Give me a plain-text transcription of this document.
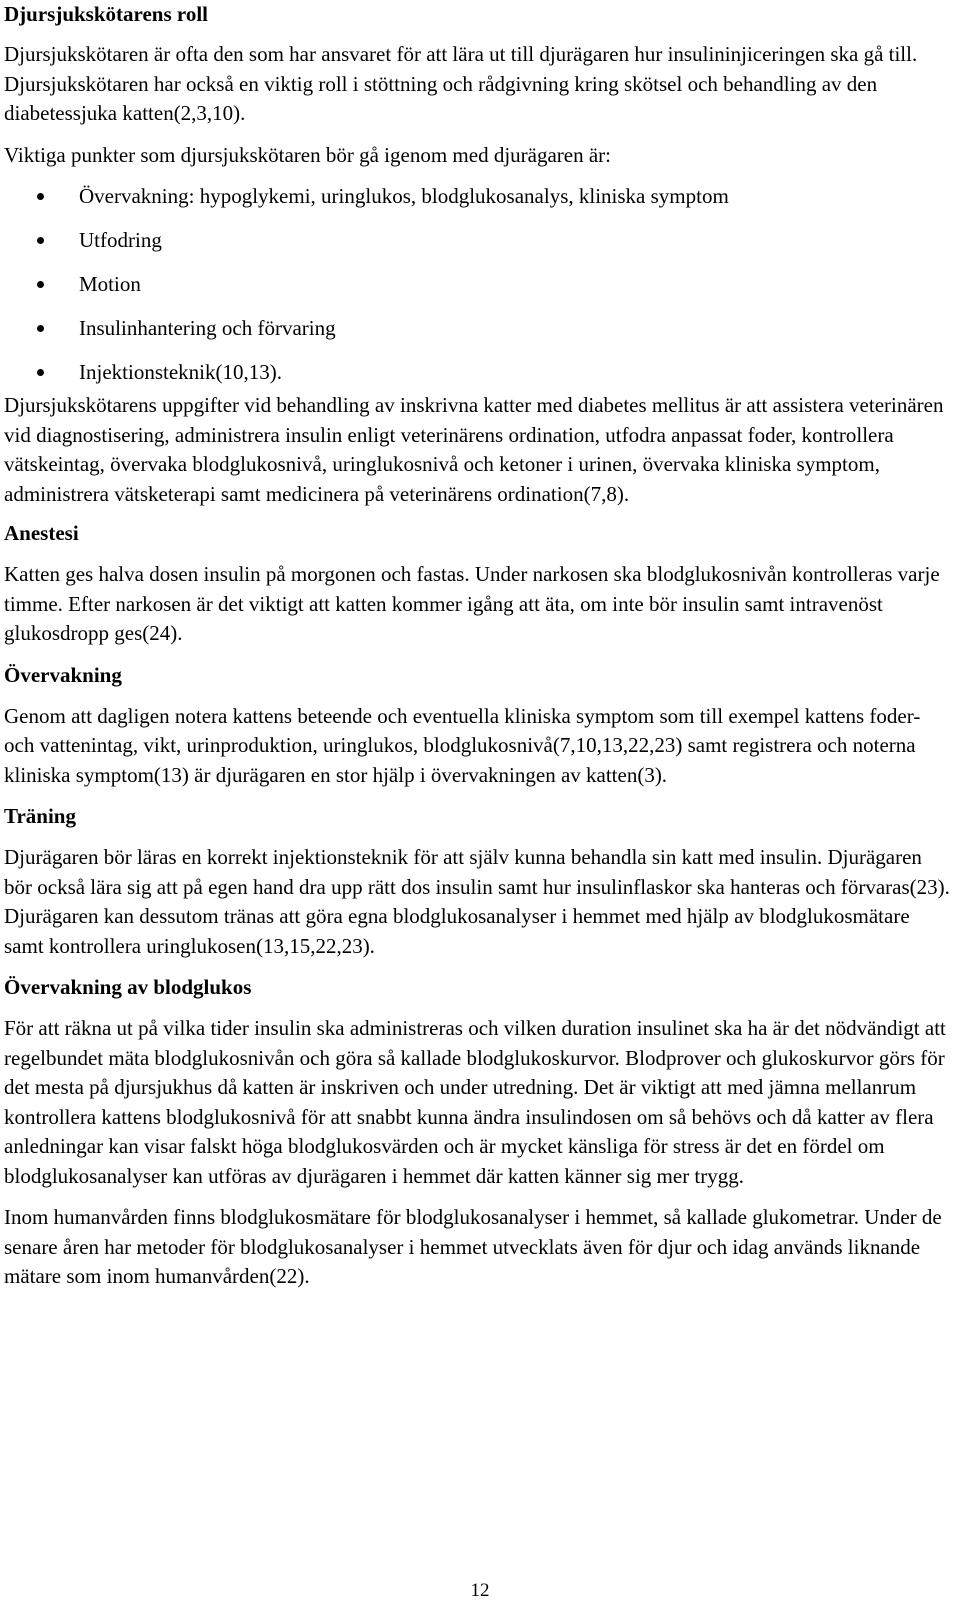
Djursjukskötarens roll

Djursjukskötaren är ofta den som har ansvaret för att lära ut till djurägaren hur insulininjiceringen ska gå till. Djursjukskötaren har också en viktig roll i stöttning och rådgivning kring skötsel och behandling av den diabetessjuka katten(2,3,10).

Viktiga punkter som djursjukskötaren bör gå igenom med djurägaren är:

Övervakning: hypoglykemi, uringlukos, blodglukosanalys, kliniska symptom
Utfodring
Motion
Insulinhantering och förvaring
Injektionsteknik(10,13).

Djursjukskötarens uppgifter vid behandling av inskrivna katter med diabetes mellitus är att assistera veterinären vid diagnostisering, administrera insulin enligt veterinärens ordination, utfodra anpassat foder, kontrollera vätskeintag, övervaka blodglukosnivå, uringlukosnivå och ketoner i urinen, övervaka kliniska symptom, administrera vätsketerapi samt medicinera på veterinärens ordination(7,8).

Anestesi

Katten ges halva dosen insulin på morgonen och fastas. Under narkosen ska blodglukosnivån kontrolleras varje timme. Efter narkosen är det viktigt att katten kommer igång att äta, om inte bör insulin samt intravenöst glukosdropp ges(24).

Övervakning

Genom att dagligen notera kattens beteende och eventuella kliniska symptom som till exempel kattens foder- och vattenintag, vikt, urinproduktion, uringlukos, blodglukosnivå(7,10,13,22,23) samt registrera och noterna kliniska symptom(13) är djurägaren en stor hjälp i övervakningen av katten(3).

Träning

Djurägaren bör läras en korrekt injektionsteknik för att själv kunna behandla sin katt med insulin. Djurägaren bör också lära sig att på egen hand dra upp rätt dos insulin samt hur insulinflaskor ska hanteras och förvaras(23). Djurägaren kan dessutom tränas att göra egna blodglukosanalyser i hemmet med hjälp av blodglukosmätare samt kontrollera uringlukosen(13,15,22,23).

Övervakning av blodglukos

För att räkna ut på vilka tider insulin ska administreras och vilken duration insulinet ska ha är det nödvändigt att regelbundet mäta blodglukosnivån och göra så kallade blodglukoskurvor. Blodprover och glukoskurvor görs för det mesta på djursjukhus då katten är inskriven och under utredning. Det är viktigt att med jämna mellanrum kontrollera kattens blodglukosnivå för att snabbt kunna ändra insulindosen om så behövs och då katter av flera anledningar kan visar falskt höga blodglukosvärden och är mycket känsliga för stress är det en fördel om blodglukosanalyser kan utföras av djurägaren i hemmet där katten känner sig mer trygg.

Inom humanvården finns blodglukosmätare för blodglukosanalyser i hemmet, så kallade glukometrar. Under de senare åren har metoder för blodglukosanalyser i hemmet utvecklats även för djur och idag används liknande mätare som inom humanvården(22).

12
